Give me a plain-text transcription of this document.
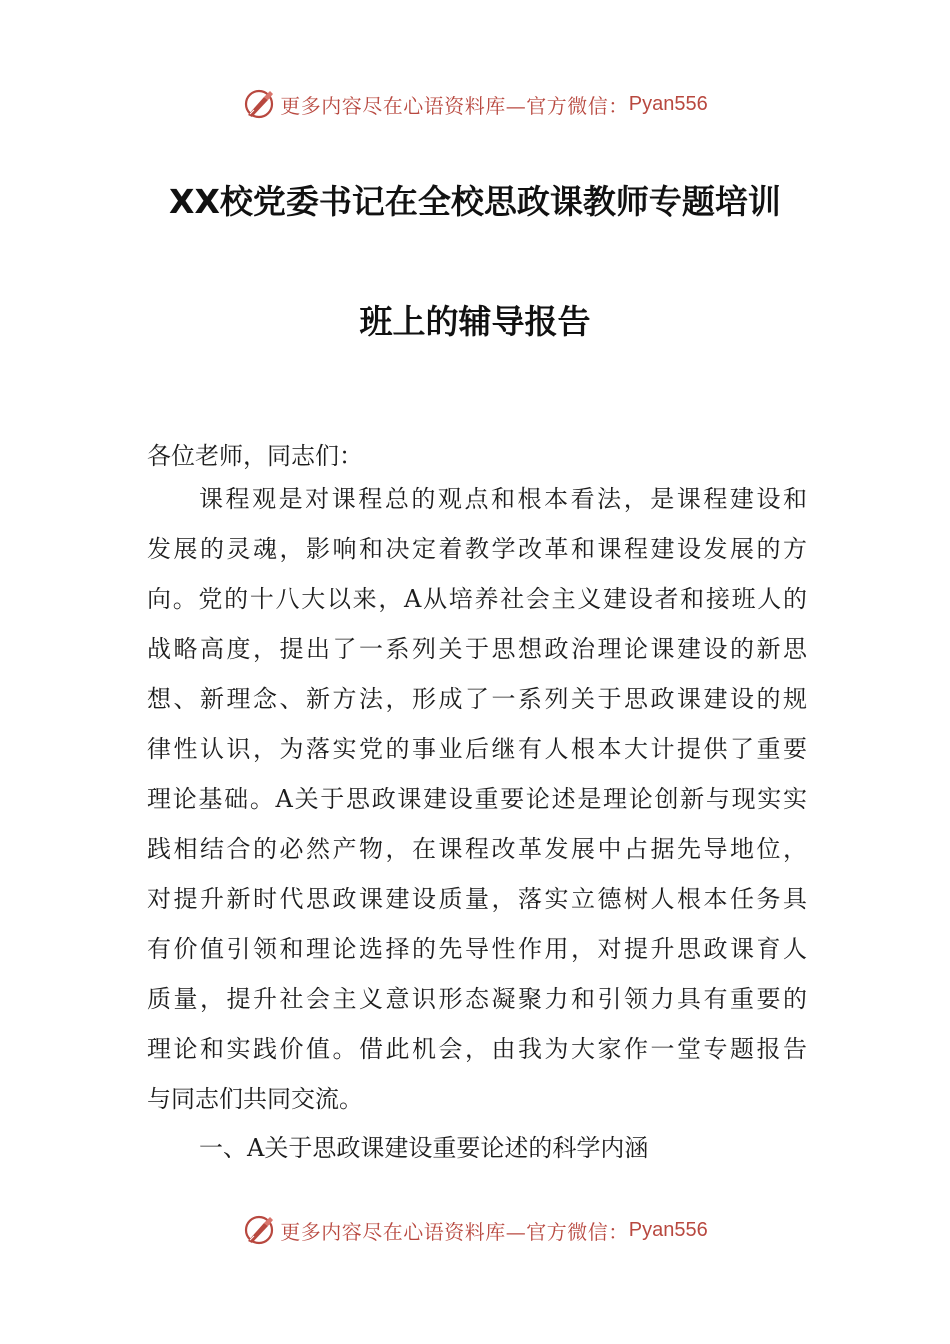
更多内容尽在心语资料库—官方微信： Pyan556
XX校党委书记在全校思政课教师专题培训
班上的辅导报告
各位老师，同志们：
课程观是对课程总的观点和根本看法，是课程建设和
发展的灵魂，影响和决定着教学改革和课程建设发展的方
向。党的十八大以来，A从培养社会主义建设者和接班人的
战略高度，提出了一系列关于思想政治理论课建设的新思
想、新理念、新方法，形成了一系列关于思政课建设的规
律性认识，为落实党的事业后继有人根本大计提供了重要
理论基础。A关于思政课建设重要论述是理论创新与现实实
践相结合的必然产物，在课程改革发展中占据先导地位，
对提升新时代思政课建设质量，落实立德树人根本任务具
有价值引领和理论选择的先导性作用，对提升思政课育人
质量，提升社会主义意识形态凝聚力和引领力具有重要的
理论和实践价值。借此机会，由我为大家作一堂专题报告
与同志们共同交流。
一、A关于思政课建设重要论述的科学内涵
更多内容尽在心语资料库—官方微信： Pyan556
